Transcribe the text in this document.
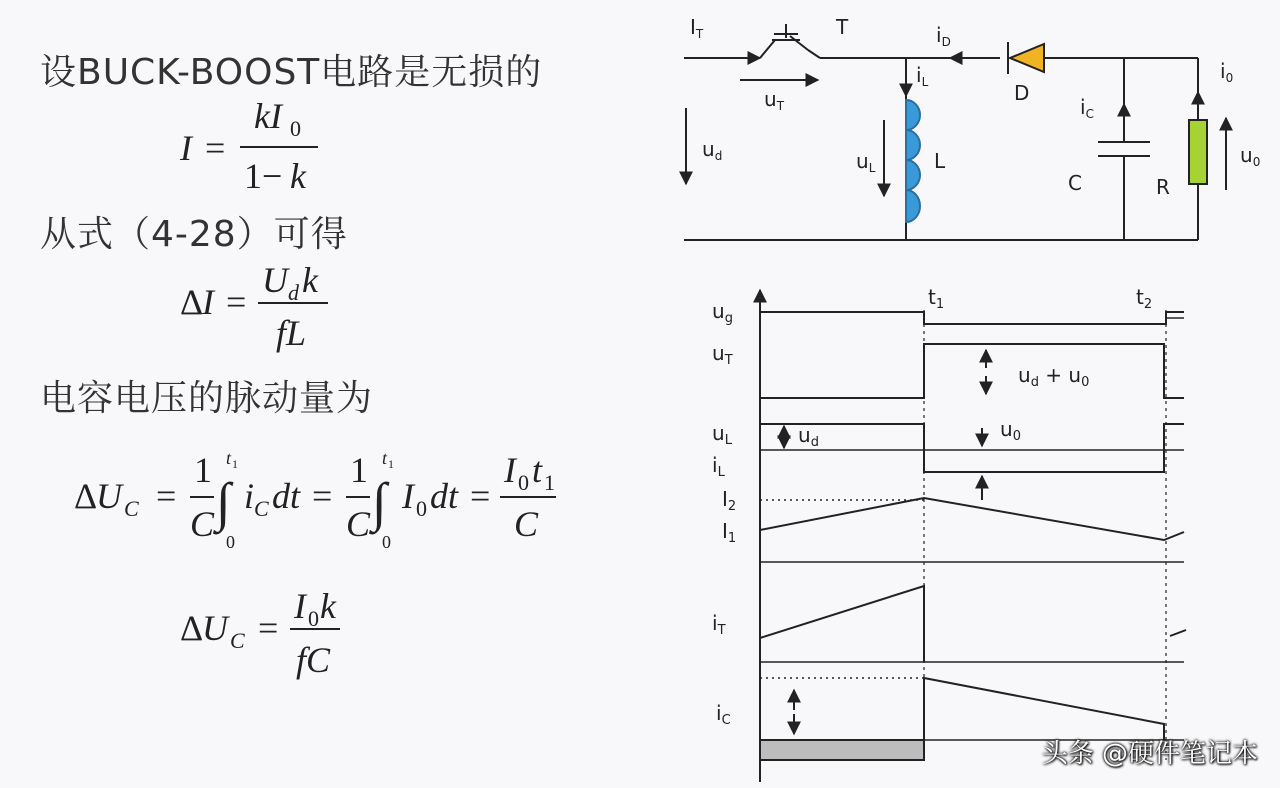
设BUCK-BOOST电路是无损的
从式（4-28）可得
电容电压的脉动量为
I =
kI 0
1− k
Δ
I =
U d k
fL
Δ
U C =
1
C ∫
t 1
0
i C dt =
1
C ∫
t 1
0
I 0 dt =
I 0 t 1
C
Δ
U C =
I 0 k
fC
$I_T$	T	$i_D$
$i_L$	D
$i_C$
$i_0$
$u_T$
$u_d$	$u_L$	L
C	R
$u_0$
$t_1$	$t_2$
$u_g$
$u_T$
$u_L$
$i_L$
$I_2$
$I_1$
$i_T$
$i_C$
$u_d + u_0$
$u_d$
$u_0$
头条 @硬件笔记本
